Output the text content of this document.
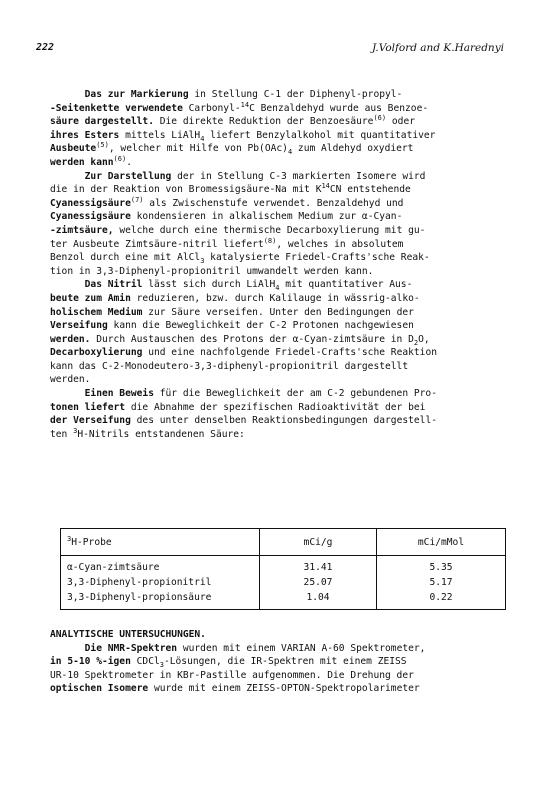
222	J.Volford and K.Harednyi
Das zur Markierung in Stellung C-1 der Diphenyl-propyl-
-Seitenkette verwendete Carbonyl-$^{14}$C Benzaldehyd wurde aus Benzoe-
säure dargestellt. Die direkte Reduktion der Benzoesäure$^{(6)}$ oder
ihres Esters mittels LiAlH$_4$ liefert Benzylalkohol mit quantitativer
Ausbeute$^{(5)}$, welcher mit Hilfe von $Pb(OAc)_4$ zum Aldehyd oxydiert
werden kann$^{(6)}$.
Zur Darstellung der in Stellung C-3 markierten Isomere wird
die in der Reaktion von Bromessigsäure-Na mit $K^{14}CN$ entstehende
Cyanessigsäure$^{(7)}$ als Zwischenstufe verwendet. Benzaldehyd und
Cyanessigsäure kondensieren in alkalischem Medium zur α-Cyan-
-zimtsäure, welche durch eine thermische Decarboxylierung mit gu-
ter Ausbeute Zimtsäure-nitril liefert$^{(8)}$, welches in absolutem
Benzol durch eine mit AlCl$_3$ katalysierte Friedel-Crafts'sche Reak-
tion in 3,3-Diphenyl-propionitril umwandelt werden kann.
Das Nitril lässt sich durch LiAlH$_4$ mit quantitativer Aus-
beute zum Amin reduzieren, bzw. durch Kalilauge in wässrig-alko-
holischem Medium zur Säure verseifen. Unter den Bedingungen der
Verseifung kann die Beweglichkeit der C-2 Protonen nachgewiesen
werden. Durch Austauschen des Protons der α-Cyan-zimtsäure in $D_2O$,
Decarboxylierung und eine nachfolgende Friedel-Crafts'sche Reaktion
kann das C-2-Monodeutero-3,3-diphenyl-propionitril dargestellt
werden.
Einen Beweis für die Beweglichkeit der am C-2 gebundenen Pro-
tonen liefert die Abnahme der spezifischen Radioaktivität der bei
der Verseifung des unter denselben Reaktionsbedingungen dargestell-
ten $^3$H-Nitrils entstandenen Säure:
$^3$H-Probe	mCi/g	mCi/mMol
α-Cyan-zimtsäure	31.41	5.35
3,3-Diphenyl-propionitril	25.07	5.17
3,3-Diphenyl-propionsäure	1.04	0.22
ANALYTISCHE UNTERSUCHUNGEN.
Die NMR-Spektren wurden mit einem VARIAN A-60 Spektrometer,
in 5-10 %-igen CDCl$_3$-Lösungen, die IR-Spektren mit einem ZEISS
UR-10 Spektrometer in KBr-Pastille aufgenommen. Die Drehung der
optischen Isomere wurde mit einem ZEISS-OPTON-Spektropolarimeter
